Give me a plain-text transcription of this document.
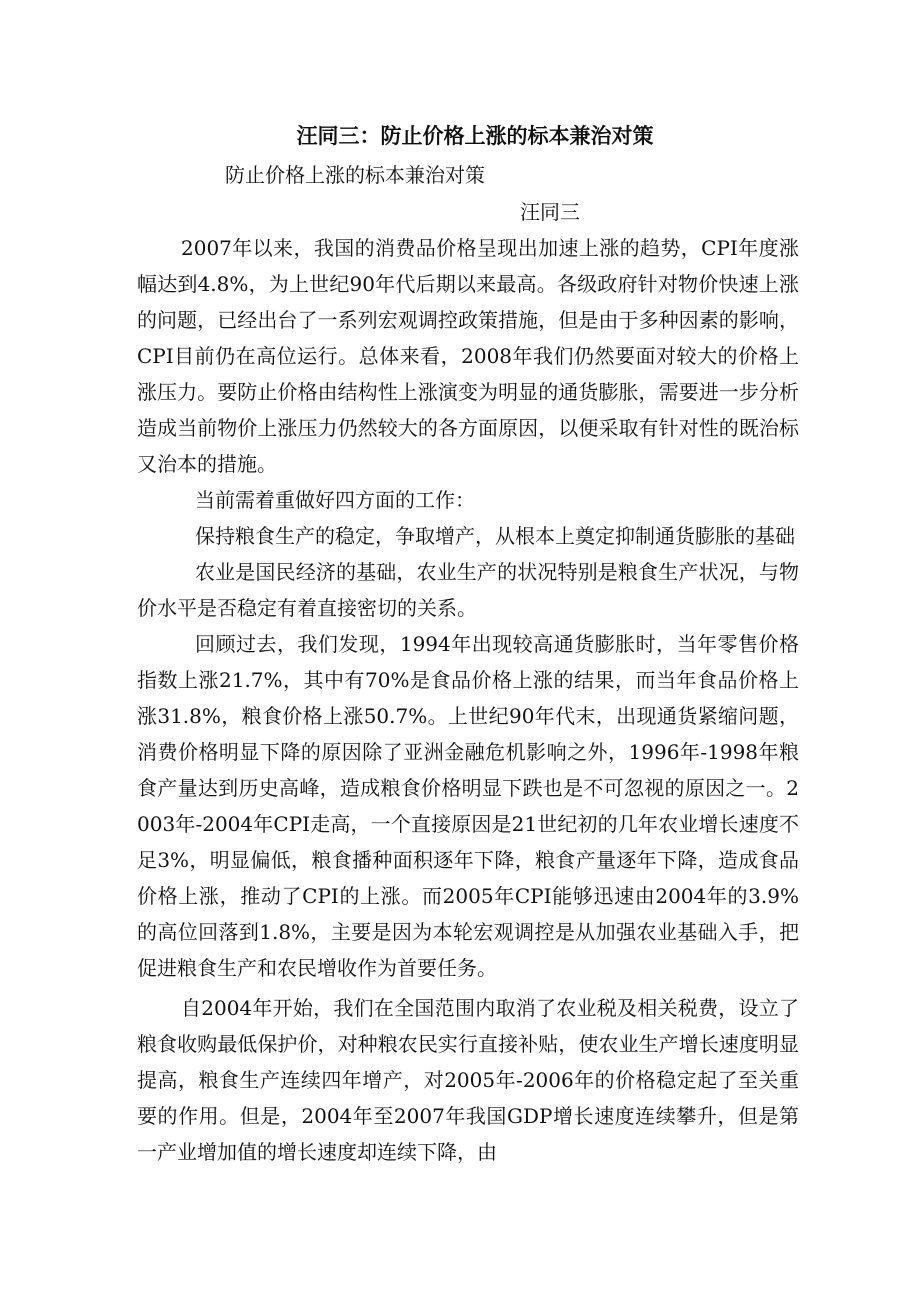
汪同三：防止价格上涨的标本兼治对策

防止价格上涨的标本兼治对策

汪同三

2007年以来，我国的消费品价格呈现出加速上涨的趋势，CPI年度涨幅达到4.8%，为上世纪90年代后期以来最高。各级政府针对物价快速上涨的问题，已经出台了一系列宏观调控政策措施，但是由于多种因素的影响，CPI目前仍在高位运行。总体来看，2008年我们仍然要面对较大的价格上涨压力。要防止价格由结构性上涨演变为明显的通货膨胀，需要进一步分析造成当前物价上涨压力仍然较大的各方面原因，以便采取有针对性的既治标又治本的措施。

当前需着重做好四方面的工作：

保持粮食生产的稳定，争取增产，从根本上奠定抑制通货膨胀的基础

农业是国民经济的基础，农业生产的状况特别是粮食生产状况，与物价水平是否稳定有着直接密切的关系。

回顾过去，我们发现，1994年出现较高通货膨胀时，当年零售价格指数上涨21.7%，其中有70%是食品价格上涨的结果，而当年食品价格上涨31.8%，粮食价格上涨50.7%。上世纪90年代末，出现通货紧缩问题，消费价格明显下降的原因除了亚洲金融危机影响之外，1996年-1998年粮食产量达到历史高峰，造成粮食价格明显下跌也是不可忽视的原因之一。2003年-2004年CPI走高，一个直接原因是21世纪初的几年农业增长速度不足3%，明显偏低，粮食播种面积逐年下降，粮食产量逐年下降，造成食品价格上涨，推动了CPI的上涨。而2005年CPI能够迅速由2004年的3.9%的高位回落到1.8%，主要是因为本轮宏观调控是从加强农业基础入手，把促进粮食生产和农民增收作为首要任务。

自2004年开始，我们在全国范围内取消了农业税及相关税费，设立了粮食收购最低保护价，对种粮农民实行直接补贴，使农业生产增长速度明显提高，粮食生产连续四年增产，对2005年-2006年的价格稳定起了至关重要的作用。但是，2004年至2007年我国GDP增长速度连续攀升，但是第一产业增加值的增长速度却连续下降，由
